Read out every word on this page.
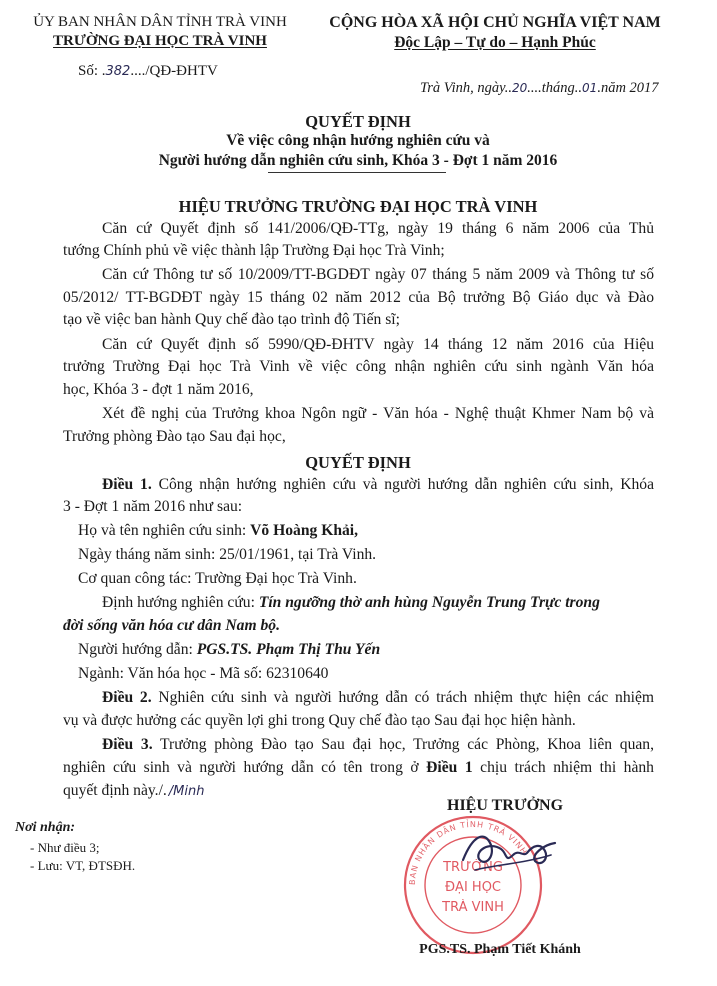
ỦY BAN NHÂN DÂN TỈNH TRÀ VINH
TRƯỜNG ĐẠI HỌC TRÀ VINH
Số: .382..../QĐ-ĐHTV
CỘNG HÒA XÃ HỘI CHỦ NGHĨA VIỆT NAM
Độc Lập – Tự do – Hạnh Phúc
Trà Vinh, ngày..20....tháng..01.năm 2017
QUYẾT ĐỊNH
Về việc công nhận hướng nghiên cứu và
Người hướng dẫn nghiên cứu sinh, Khóa 3 - Đợt 1 năm 2016
HIỆU TRƯỞNG TRƯỜNG ĐẠI HỌC TRÀ VINH
Căn cứ Quyết định số 141/2006/QĐ-TTg, ngày 19 tháng 6 năm 2006 của Thủ
tướng Chính phủ về việc thành lập Trường Đại học Trà Vinh;
Căn cứ Thông tư số 10/2009/TT-BGDĐT ngày 07 tháng 5 năm 2009 và Thông tư số
05/2012/ TT-BGDĐT ngày 15 tháng 02 năm 2012 của Bộ trưởng Bộ Giáo dục và Đào
tạo về việc ban hành Quy chế đào tạo trình độ Tiến sĩ;
Căn cứ Quyết định số 5990/QĐ-ĐHTV ngày 14 tháng 12 năm 2016 của Hiệu
trưởng Trường Đại học Trà Vinh về việc công nhận nghiên cứu sinh ngành Văn hóa
học, Khóa 3 - đợt 1 năm 2016,
Xét đề nghị của Trưởng khoa Ngôn ngữ - Văn hóa - Nghệ thuật Khmer Nam bộ và
Trưởng phòng Đào tạo Sau đại học,
QUYẾT ĐỊNH
Điều 1. Công nhận hướng nghiên cứu và người hướng dẫn nghiên cứu sinh, Khóa
3 - Đợt 1 năm 2016 như sau:
Họ và tên nghiên cứu sinh: Võ Hoàng Khải,
Ngày tháng năm sinh: 25/01/1961, tại Trà Vinh.
Cơ quan công tác: Trường Đại học Trà Vinh.
Định hướng nghiên cứu: Tín ngưỡng thờ anh hùng Nguyễn Trung Trực trong
đời sống văn hóa cư dân Nam bộ.
Người hướng dẫn: PGS.TS. Phạm Thị Thu Yến
Ngành: Văn hóa học - Mã số: 62310640
Điều 2. Nghiên cứu sinh và người hướng dẫn có trách nhiệm thực hiện các nhiệm
vụ và được hưởng các quyền lợi ghi trong Quy chế đào tạo Sau đại học hiện hành.
Điều 3. Trưởng phòng Đào tạo Sau đại học, Trưởng các Phòng, Khoa liên quan,
nghiên cứu sinh và người hướng dẫn có tên trong ở Điều 1 chịu trách nhiệm thi hành
quyết định này./. /Minh
Nơi nhận:
- Như điều 3;
- Lưu: VT, ĐTSĐH.
HIỆU TRƯỞNG
BAN NHÂN DÂN TỈNH TRÀ VINH
TRƯỜNG
ĐẠI HỌC
TRÀ VINH
PGS.TS. Phạm Tiết Khánh
